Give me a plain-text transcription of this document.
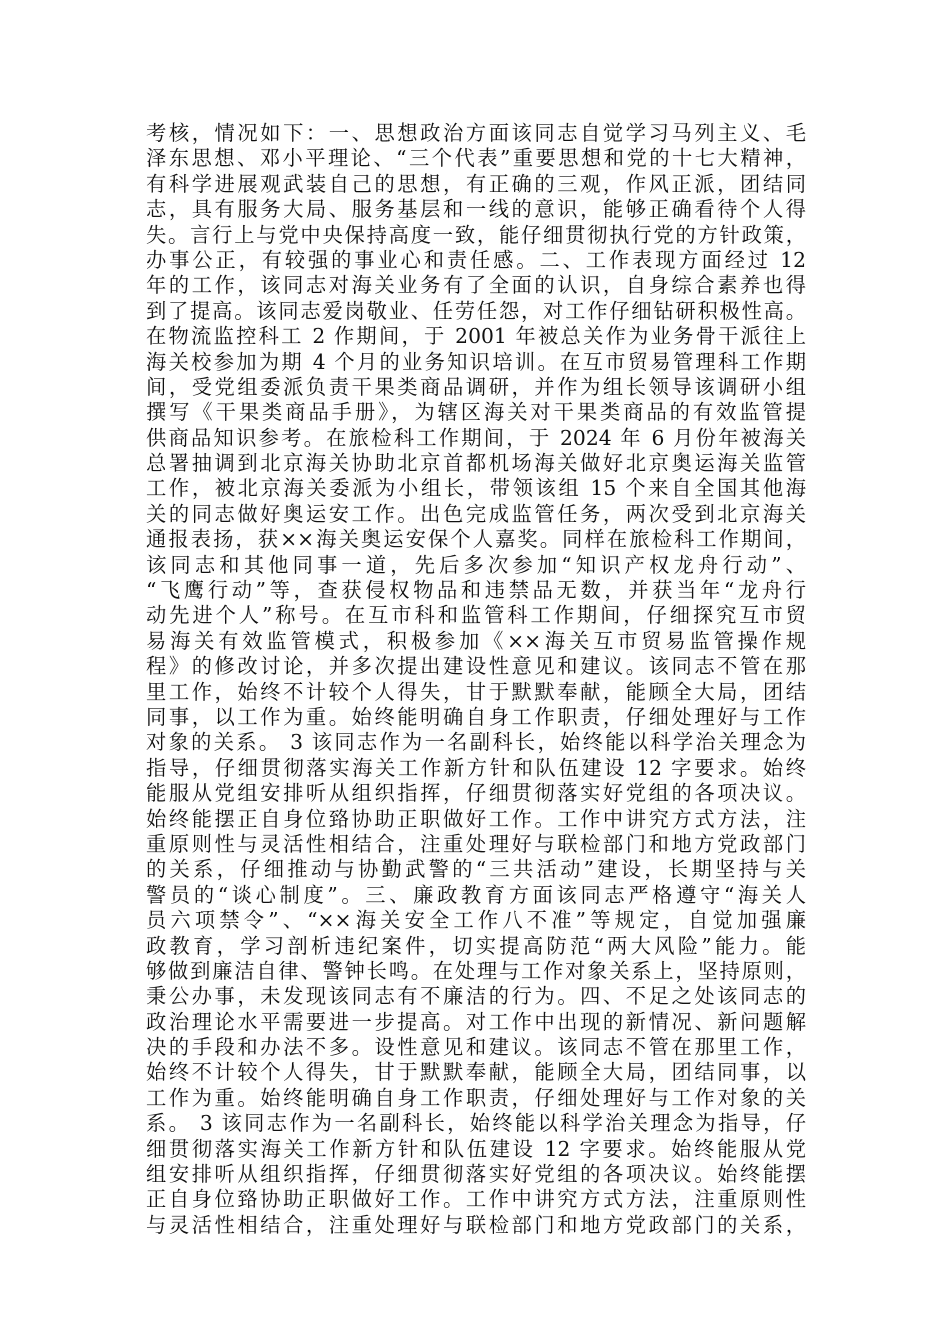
考核，情况如下：一、思想政治方面该同志自觉学习马列主义、毛
泽东思想、邓小平理论、“三个代表”重要思想和党的十七大精神，
有科学进展观武装自己的思想，有正确的三观，作风正派，团结同
志，具有服务大局、服务基层和一线的意识，能够正确看待个人得
失。言行上与党中央保持高度一致，能仔细贯彻执行党的方针政策，
办事公正，有较强的事业心和责任感。二、工作表现方面经过 12
年的工作，该同志对海关业务有了全面的认识，自身综合素养也得
到了提高。该同志爱岗敬业、任劳任怨，对工作仔细钻研积极性高。
在物流监控科工 2 作期间，于 2001 年被总关作为业务骨干派往上
海关校参加为期 4 个月的业务知识培训。在互市贸易管理科工作期
间，受党组委派负责干果类商品调研，并作为组长领导该调研小组
撰写《干果类商品手册》，为辖区海关对干果类商品的有效监管提
供商品知识参考。在旅检科工作期间，于 2024 年 6 月份年被海关
总署抽调到北京海关协助北京首都机场海关做好北京奥运海关监管
工作，被北京海关委派为小组长，带领该组 15 个来自全国其他海
关的同志做好奥运安工作。出色完成监管任务，两次受到北京海关
通报表扬，获××海关奥运安保个人嘉奖。同样在旅检科工作期间，
该同志和其他同事一道，先后多次参加“知识产权龙舟行动”、
“飞鹰行动”等，查获侵权物品和违禁品无数，并获当年“龙舟行
动先进个人”称号。在互市科和监管科工作期间，仔细探究互市贸
易海关有效监管模式，积极参加《××海关互市贸易监管操作规
程》的修改讨论，并多次提出建设性意见和建议。该同志不管在那
里工作，始终不计较个人得失，甘于默默奉献，能顾全大局，团结
同事，以工作为重。始终能明确自身工作职责，仔细处理好与工作
对象的关系。 3 该同志作为一名副科长，始终能以科学治关理念为
指导，仔细贯彻落实海关工作新方针和队伍建设 12 字要求。始终
能服从党组安排听从组织指挥，仔细贯彻落实好党组的各项决议。
始终能摆正自身位臵协助正职做好工作。工作中讲究方式方法，注
重原则性与灵活性相结合，注重处理好与联检部门和地方党政部门
的关系，仔细推动与协勤武警的“三共活动”建设，长期坚持与关
警员的“谈心制度”。三、廉政教育方面该同志严格遵守“海关人
员六项禁令”、“××海关安全工作八不准”等规定，自觉加强廉
政教育，学习剖析违纪案件，切实提高防范“两大风险”能力。能
够做到廉洁自律、警钟长鸣。在处理与工作对象关系上，坚持原则，
秉公办事，未发现该同志有不廉洁的行为。四、不足之处该同志的
政治理论水平需要进一步提高。对工作中出现的新情况、新问题解
决的手段和办法不多。设性意见和建议。该同志不管在那里工作，
始终不计较个人得失，甘于默默奉献，能顾全大局，团结同事，以
工作为重。始终能明确自身工作职责，仔细处理好与工作对象的关
系。 3 该同志作为一名副科长，始终能以科学治关理念为指导，仔
细贯彻落实海关工作新方针和队伍建设 12 字要求。始终能服从党
组安排听从组织指挥，仔细贯彻落实好党组的各项决议。始终能摆
正自身位臵协助正职做好工作。工作中讲究方式方法，注重原则性
与灵活性相结合，注重处理好与联检部门和地方党政部门的关系，
